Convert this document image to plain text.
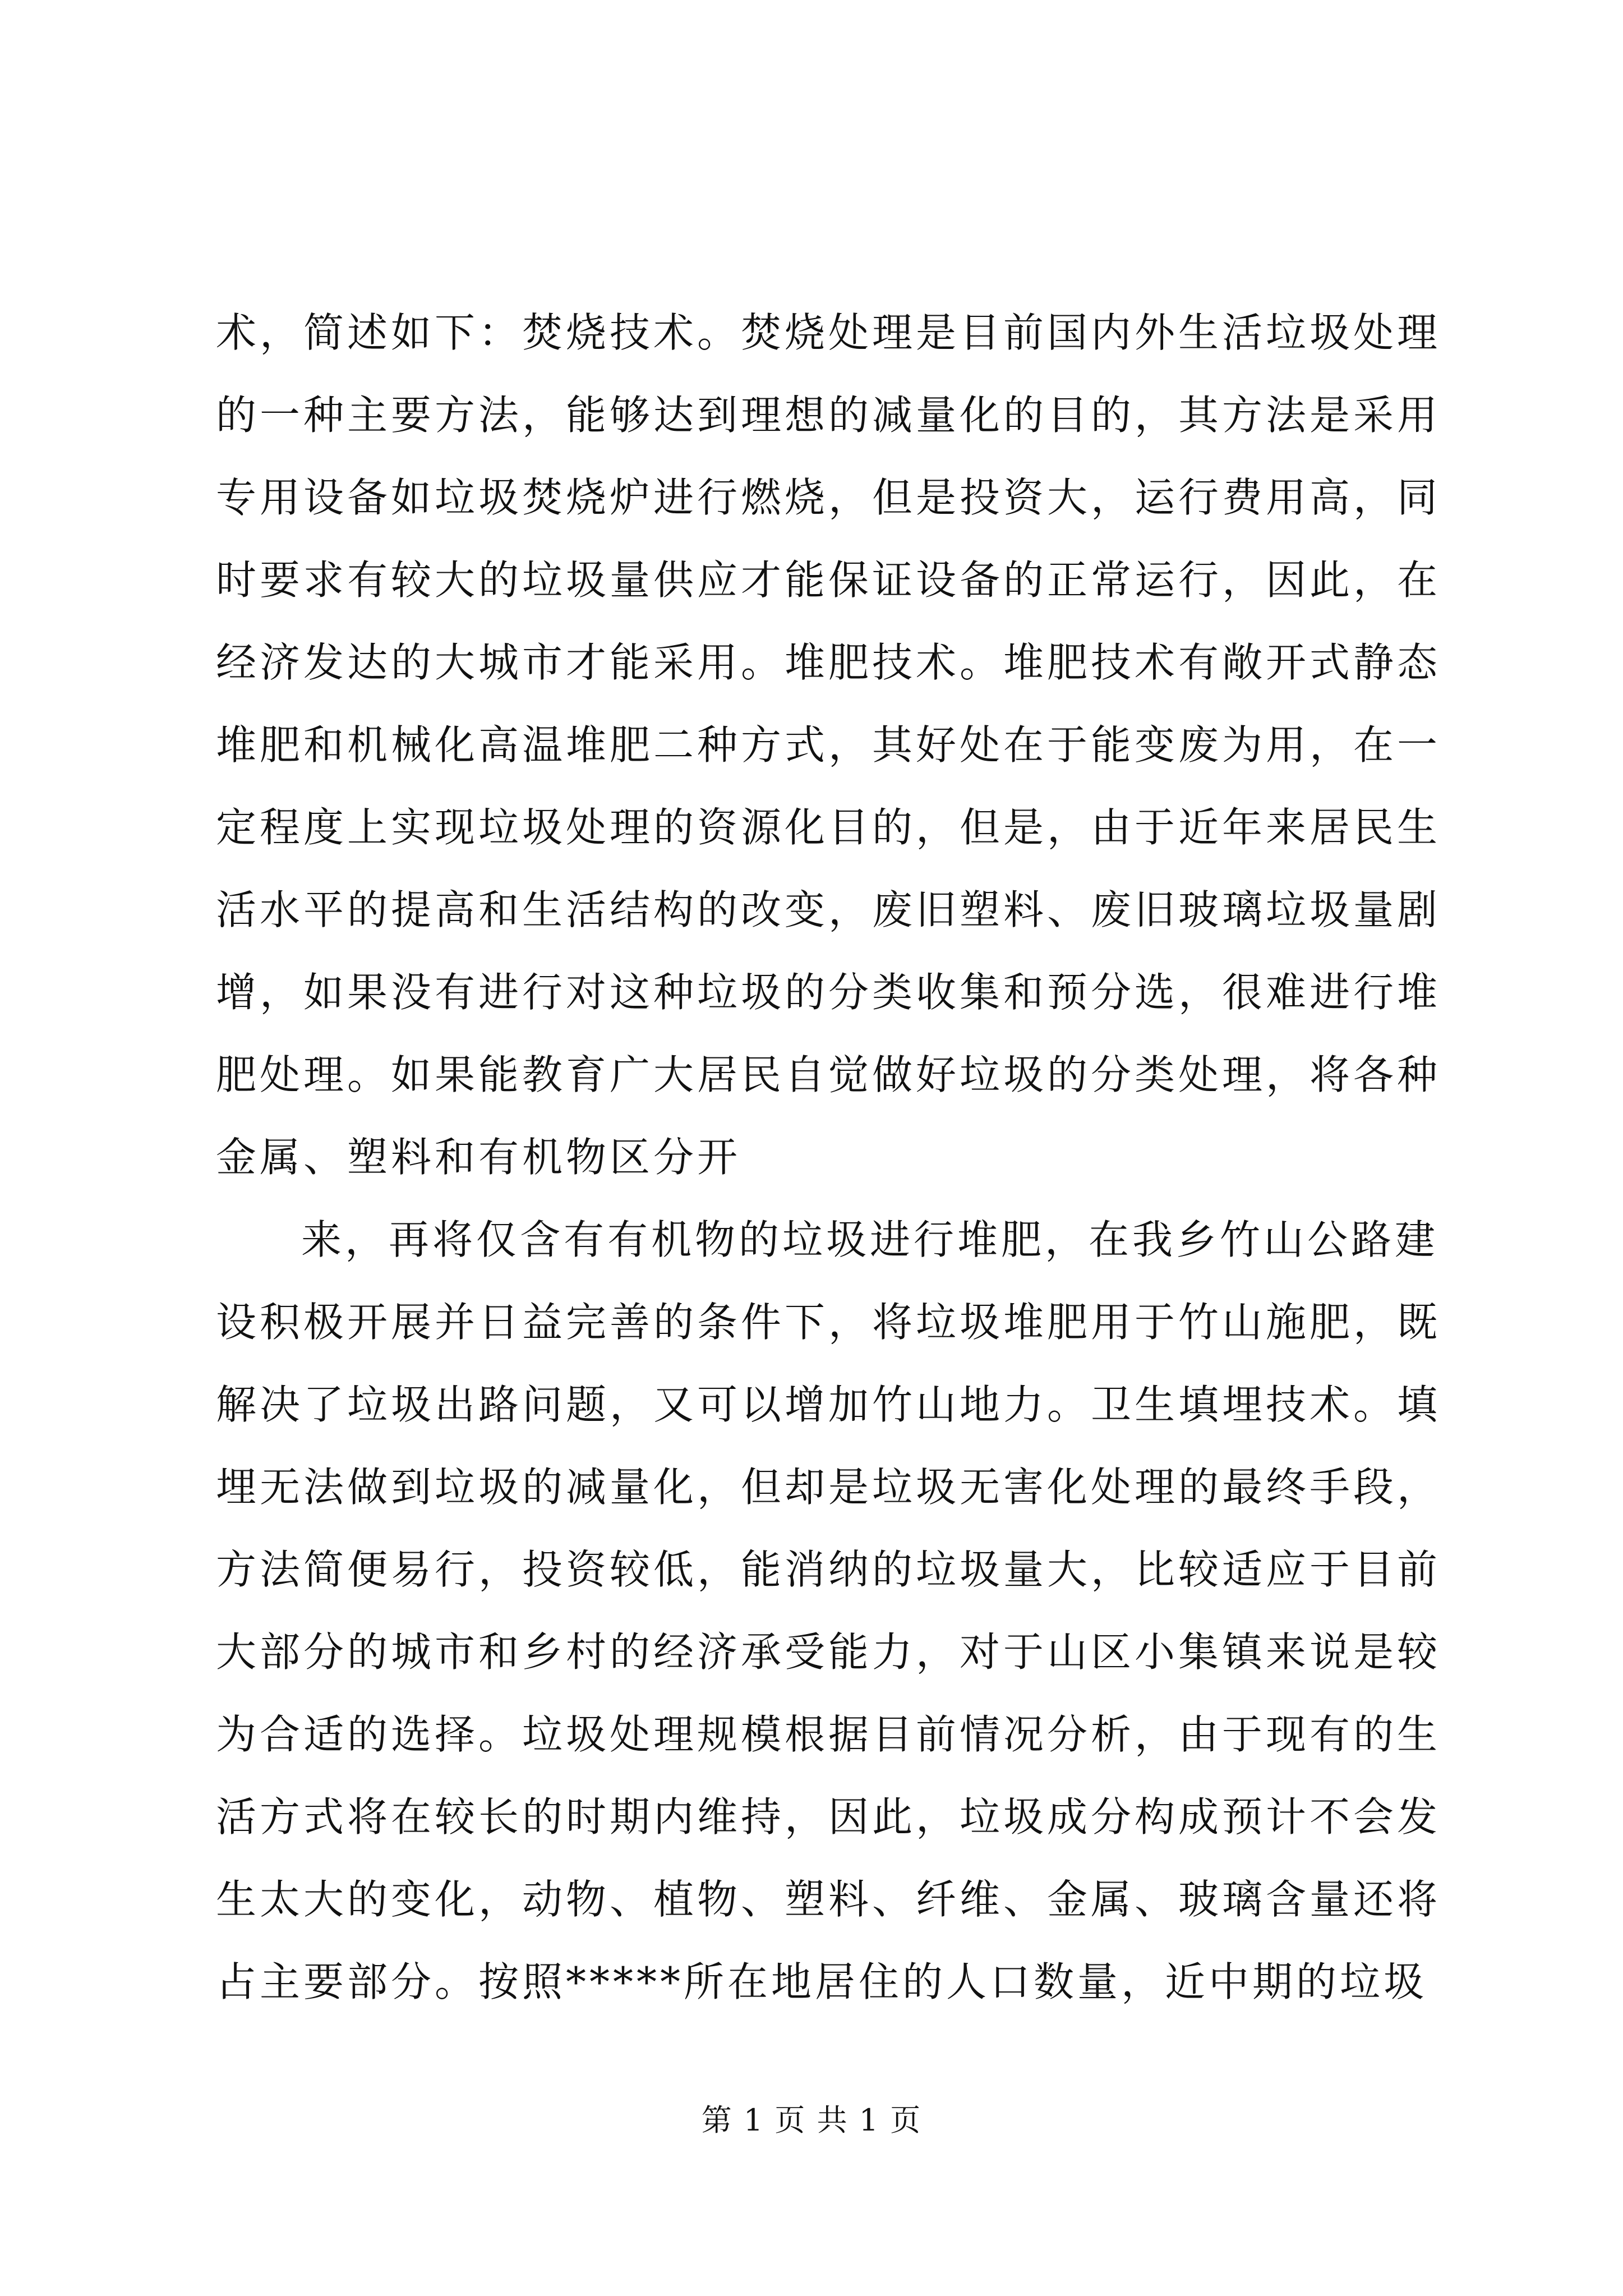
术，简述如下：焚烧技术。焚烧处理是目前国内外生活垃圾处理
的一种主要方法，能够达到理想的减量化的目的，其方法是采用
专用设备如垃圾焚烧炉进行燃烧，但是投资大，运行费用高，同
时要求有较大的垃圾量供应才能保证设备的正常运行，因此，在
经济发达的大城市才能采用。堆肥技术。堆肥技术有敞开式静态
堆肥和机械化高温堆肥二种方式，其好处在于能变废为用，在一
定程度上实现垃圾处理的资源化目的，但是，由于近年来居民生
活水平的提高和生活结构的改变，废旧塑料、废旧玻璃垃圾量剧
增，如果没有进行对这种垃圾的分类收集和预分选，很难进行堆
肥处理。如果能教育广大居民自觉做好垃圾的分类处理，将各种
金属、塑料和有机物区分开
来，再将仅含有有机物的垃圾进行堆肥，在我乡竹山公路建
设积极开展并日益完善的条件下，将垃圾堆肥用于竹山施肥，既
解决了垃圾出路问题，又可以增加竹山地力。卫生填埋技术。填
埋无法做到垃圾的减量化，但却是垃圾无害化处理的最终手段，
方法简便易行，投资较低，能消纳的垃圾量大，比较适应于目前
大部分的城市和乡村的经济承受能力，对于山区小集镇来说是较
为合适的选择。垃圾处理规模根据目前情况分析，由于现有的生
活方式将在较长的时期内维持，因此，垃圾成分构成预计不会发
生太大的变化，动物、植物、塑料、纤维、金属、玻璃含量还将
占主要部分。按照*****所在地居住的人口数量，近中期的垃圾
第 1 页 共 1 页
